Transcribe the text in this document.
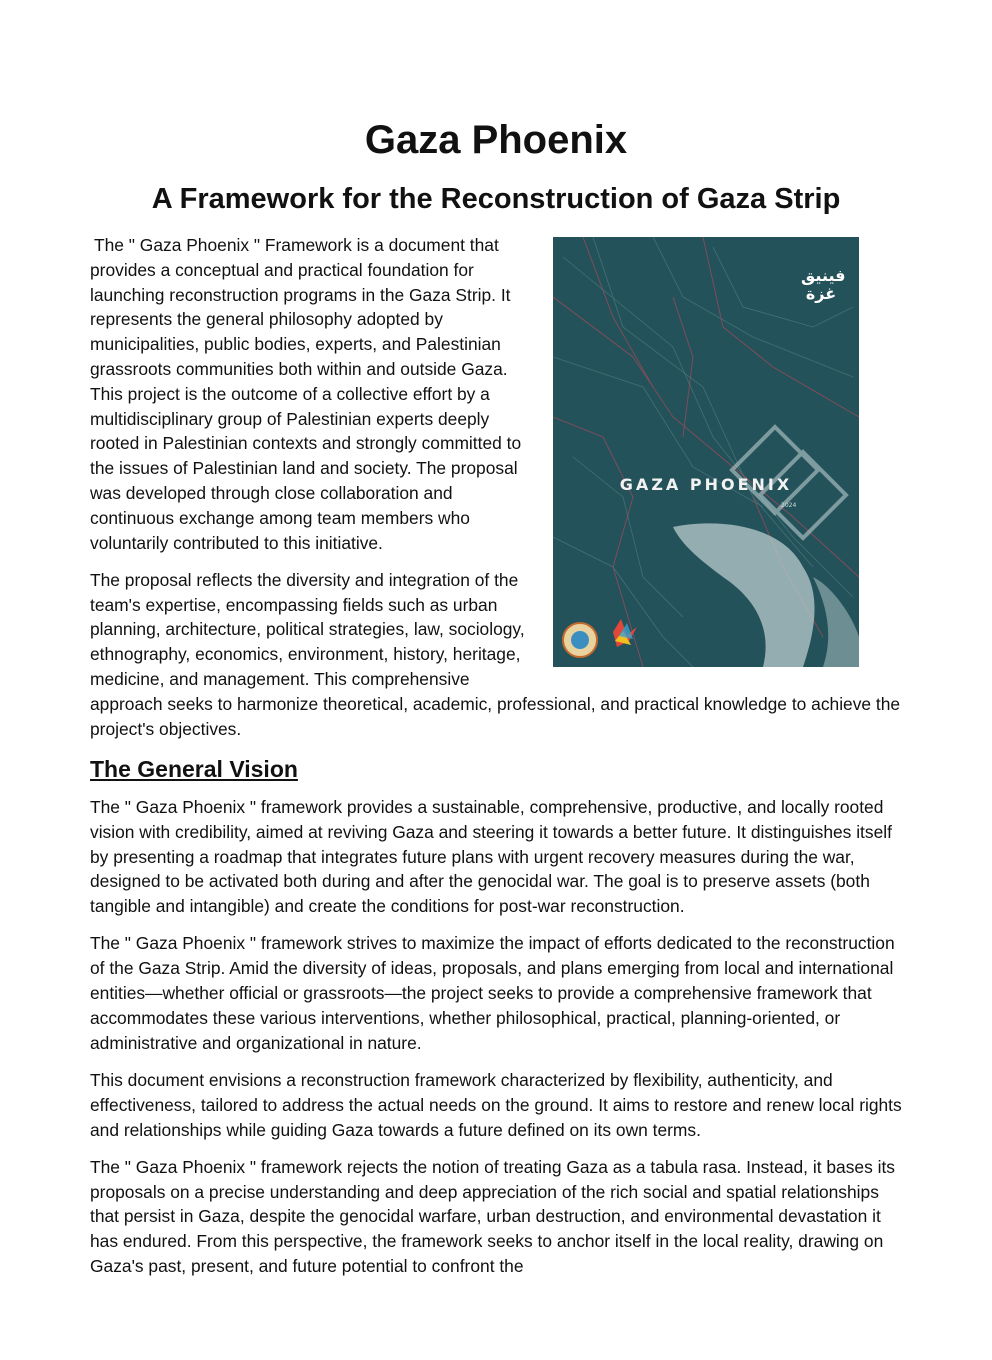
Gaza Phoenix
A Framework for the Reconstruction of Gaza Strip
فينيق غزة
GAZA PHOENIX
2024

The " Gaza Phoenix " Framework is a document that provides a conceptual and practical foundation for launching reconstruction programs in the Gaza Strip. It represents the general philosophy adopted by municipalities, public bodies, experts, and Palestinian grassroots communities both within and outside Gaza. This project is the outcome of a collective effort by a multidisciplinary group of Palestinian experts deeply rooted in Palestinian contexts and strongly committed to the issues of Palestinian land and society. The proposal was developed through close collaboration and continuous exchange among team members who voluntarily contributed to this initiative.

The proposal reflects the diversity and integration of the team's expertise, encompassing fields such as urban planning, architecture, political strategies, law, sociology, ethnography, economics, environment, history, heritage, medicine, and management. This comprehensive approach seeks to harmonize theoretical, academic, professional, and practical knowledge to achieve the project's objectives.

The General Vision

The " Gaza Phoenix " framework provides a sustainable, comprehensive, productive, and locally rooted vision with credibility, aimed at reviving Gaza and steering it towards a better future. It distinguishes itself by presenting a roadmap that integrates future plans with urgent recovery measures during the war, designed to be activated both during and after the genocidal war. The goal is to preserve assets (both tangible and intangible) and create the conditions for post-war reconstruction.

The " Gaza Phoenix " framework strives to maximize the impact of efforts dedicated to the reconstruction of the Gaza Strip. Amid the diversity of ideas, proposals, and plans emerging from local and international entities—whether official or grassroots—the project seeks to provide a comprehensive framework that accommodates these various interventions, whether philosophical, practical, planning-oriented, or administrative and organizational in nature.

This document envisions a reconstruction framework characterized by flexibility, authenticity, and effectiveness, tailored to address the actual needs on the ground. It aims to restore and renew local rights and relationships while guiding Gaza towards a future defined on its own terms.

The " Gaza Phoenix " framework rejects the notion of treating Gaza as a tabula rasa. Instead, it bases its proposals on a precise understanding and deep appreciation of the rich social and spatial relationships that persist in Gaza, despite the genocidal warfare, urban destruction, and environmental devastation it has endured. From this perspective, the framework seeks to anchor itself in the local reality, drawing on Gaza's past, present, and future potential to confront the
